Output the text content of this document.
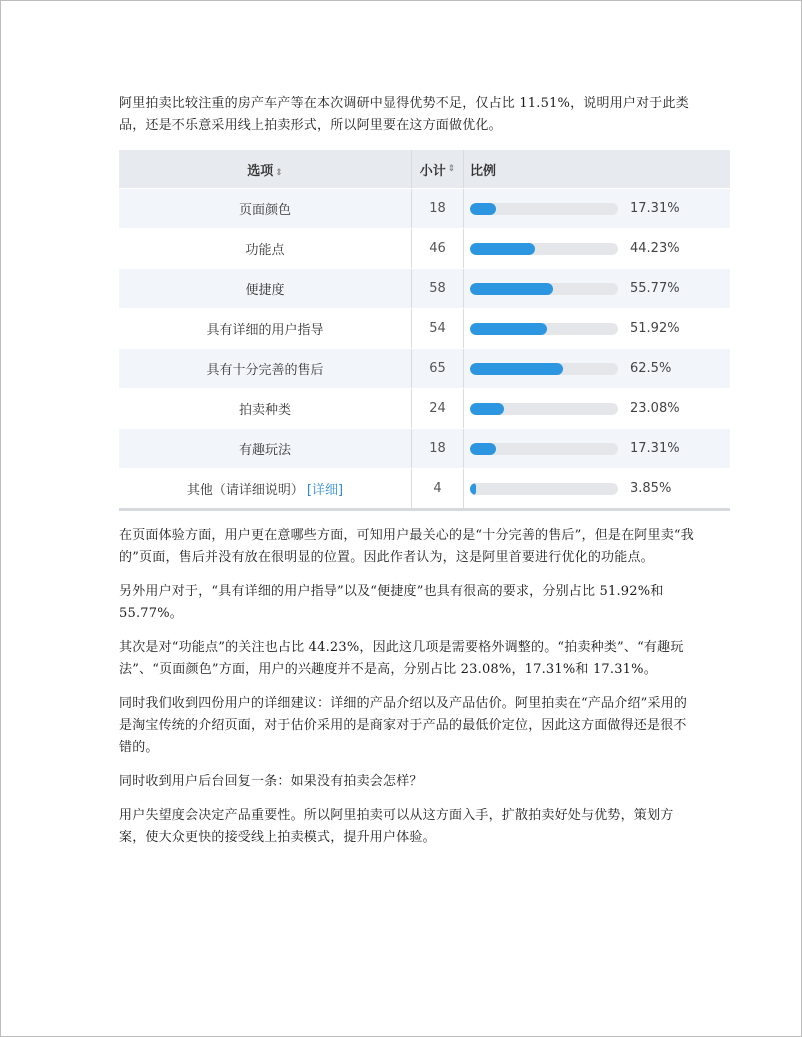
阿里拍卖比较注重的房产车产等在本次调研中显得优势不足，仅占比 11.51%，说明用户对于此类品，还是不乐意采用线上拍卖形式，所以阿里要在这方面做优化。

选项 ⇕	小计 ⇕ 比例
页面颜色	18	17.31%
功能点	46	44.23%
便捷度	58	55.77%
具有详细的用户指导	54	51.92%
具有十分完善的售后	65	62.5%
拍卖种类	24	23.08%
有趣玩法	18	17.31%
其他（请详细说明） [详细]	4	3.85%

在页面体验方面，用户更在意哪些方面，可知用户最关心的是“十分完善的售后”，但是在阿里卖“我的”页面，售后并没有放在很明显的位置。因此作者认为，这是阿里首要进行优化的功能点。

另外用户对于，“具有详细的用户指导”以及“便捷度”也具有很高的要求，分别占比 51.92%和 55.77%。

其次是对“功能点”的关注也占比 44.23%，因此这几项是需要格外调整的。“拍卖种类”、“有趣玩法”、“页面颜色”方面，用户的兴趣度并不是高，分别占比 23.08%，17.31%和 17.31%。

同时我们收到四份用户的详细建议：详细的产品介绍以及产品估价。阿里拍卖在“产品介绍”采用的是淘宝传统的介绍页面，对于估价采用的是商家对于产品的最低价定位，因此这方面做得还是很不错的。

同时收到用户后台回复一条：如果没有拍卖会怎样？

用户失望度会决定产品重要性。所以阿里拍卖可以从这方面入手，扩散拍卖好处与优势，策划方案，使大众更快的接受线上拍卖模式，提升用户体验。
